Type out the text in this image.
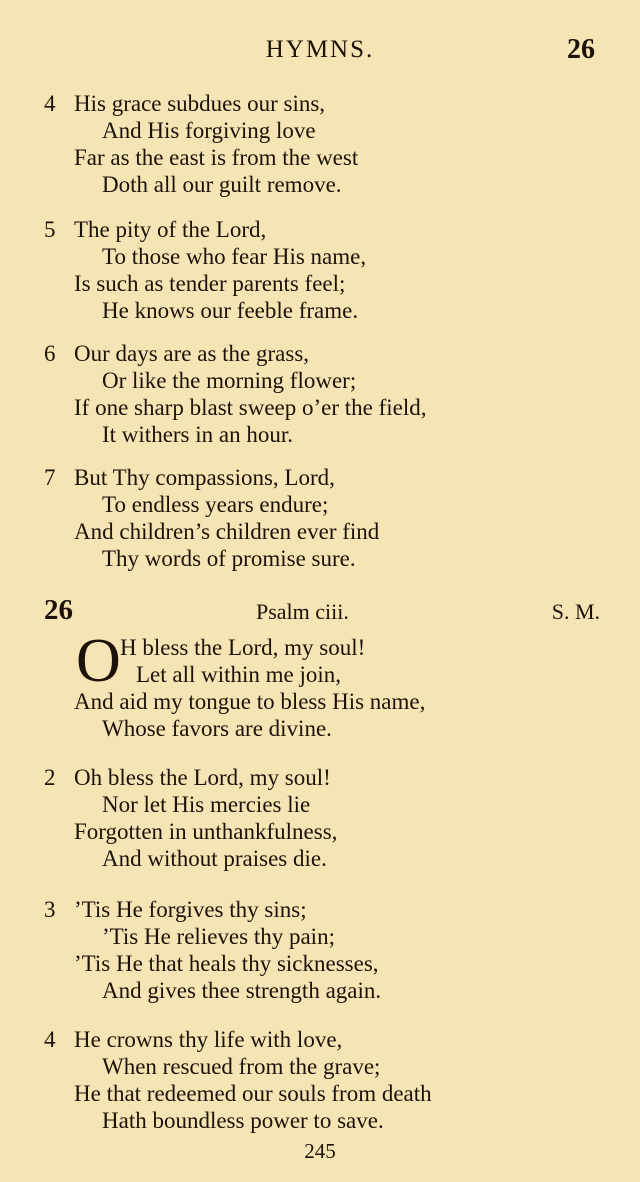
HYMNS.	26
4 His grace subdues our sins,
And His forgiving love
Far as the east is from the west
Doth all our guilt remove.
5 The pity of the Lord,
To those who fear His name,
Is such as tender parents feel;
He knows our feeble frame.
6 Our days are as the grass,
Or like the morning flower;
If one sharp blast sweep o’er the field,
It withers in an hour.
7 But Thy compassions, Lord,
To endless years endure;
And children’s children ever find
Thy words of promise sure.
26	Psalm ciii.	S. M.
O H bless the Lord, my soul!
Let all within me join,
And aid my tongue to bless His name,
Whose favors are divine.
2 Oh bless the Lord, my soul!
Nor let His mercies lie
Forgotten in unthankfulness,
And without praises die.
3 ’Tis He forgives thy sins;
’Tis He relieves thy pain;
’Tis He that heals thy sicknesses,
And gives thee strength again.
4 He crowns thy life with love,
When rescued from the grave;
He that redeemed our souls from death
Hath boundless power to save.
245
